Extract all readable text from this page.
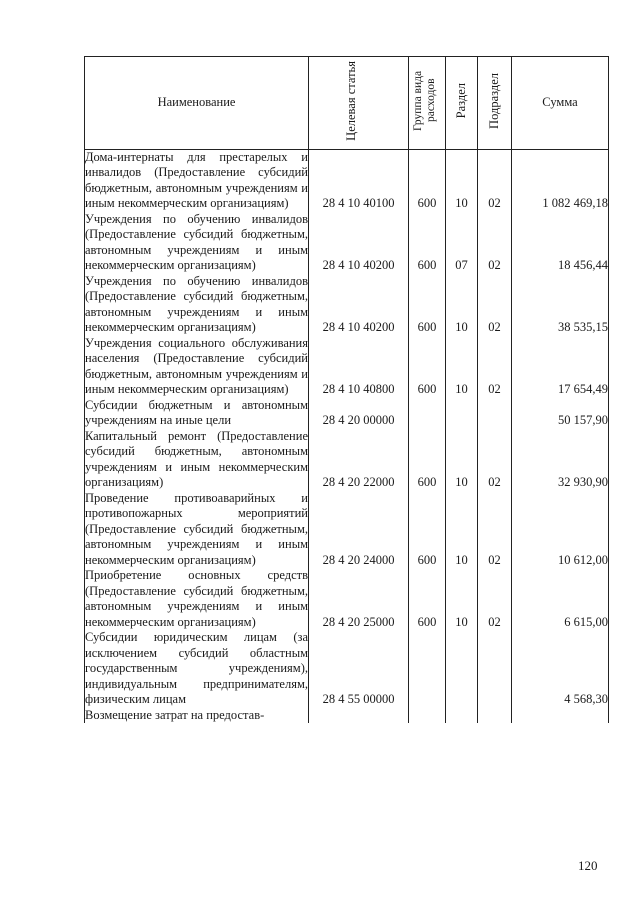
Наименование	Целевая статья	Группа вида расходов	Раздел	Подраздел	Сумма
Дома-интернаты для престарелых и инвалидов (Предоставление субсидий бюджетным, автономным учреждениям и иным некоммерческим организациям)	28 4 10 40100	600	10	02	1 082 469,18
Учреждения по обучению инвалидов (Предоставление субсидий бюджетным, автономным учреждениям и иным некоммерческим организациям)	28 4 10 40200	600	07	02	18 456,44
Учреждения по обучению инвалидов (Предоставление субсидий бюджетным, автономным учреждениям и иным некоммерческим организациям)	28 4 10 40200	600	10	02	38 535,15
Учреждения социального обслуживания населения (Предоставление субсидий бюджетным, автономным учреждениям и иным некоммерческим организациям)	28 4 10 40800	600	10	02	17 654,49
Субсидии бюджетным и автономным учреждениям на иные цели	28 4 20 00000				50 157,90
Капитальный ремонт (Предоставление субсидий бюджетным, автономным учреждениям и иным некоммерческим организациям)	28 4 20 22000	600	10	02	32 930,90
Проведение противоаварийных и противопожарных мероприятий (Предоставление субсидий бюджетным, автономным учреждениям и иным некоммерческим организациям)	28 4 20 24000	600	10	02	10 612,00
Приобретение основных средств (Предоставление субсидий бюджетным, автономным учреждениям и иным некоммерческим организациям)	28 4 20 25000	600	10	02	6 615,00
Субсидии юридическим лицам (за исключением субсидий областным государственным учреждениям), индивидуальным предпринимателям, физическим лицам	28 4 55 00000				4 568,30
Возмещение затрат на предостав-					
120
